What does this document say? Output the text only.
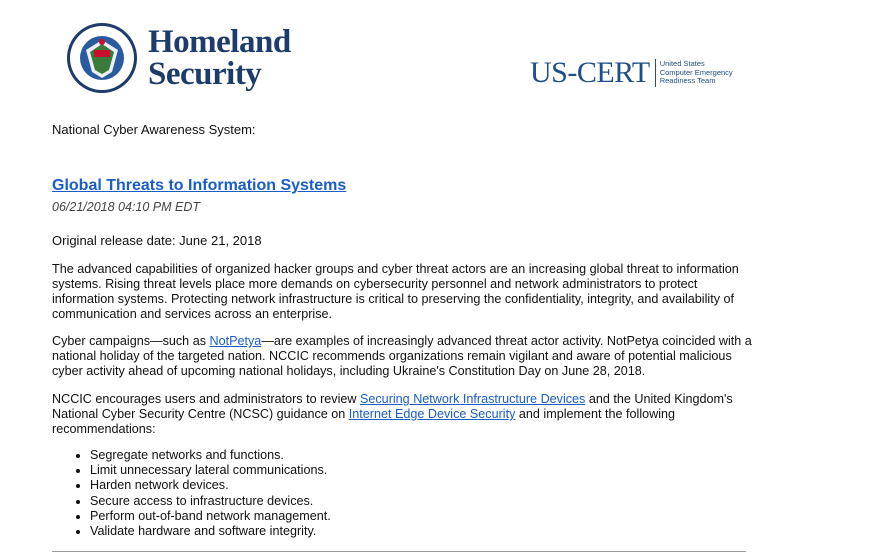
Homeland
Security	US-CERT United States
Computer Emergency
Readiness Team
National Cyber Awareness System:
Global Threats to Information Systems
06/21/2018 04:10 PM EDT
Original release date: June 21, 2018

The advanced capabilities of organized hacker groups and cyber threat actors are an increasing global threat to information systems. Rising threat levels place more demands on cybersecurity personnel and network administrators to protect information systems. Protecting network infrastructure is critical to preserving the confidentiality, integrity, and availability of communication and services across an enterprise.

Cyber campaigns—such as NotPetya—are examples of increasingly advanced threat actor activity. NotPetya coincided with a national holiday of the targeted nation. NCCIC recommends organizations remain vigilant and aware of potential malicious cyber activity ahead of upcoming national holidays, including Ukraine's Constitution Day on June 28, 2018.

NCCIC encourages users and administrators to review Securing Network Infrastructure Devices and the United Kingdom's National Cyber Security Centre (NCSC) guidance on Internet Edge Device Security and implement the following recommendations:

• Segregate networks and functions.
• Limit unnecessary lateral communications.
• Harden network devices.
• Secure access to infrastructure devices.
• Perform out-of-band network management.
• Validate hardware and software integrity.
